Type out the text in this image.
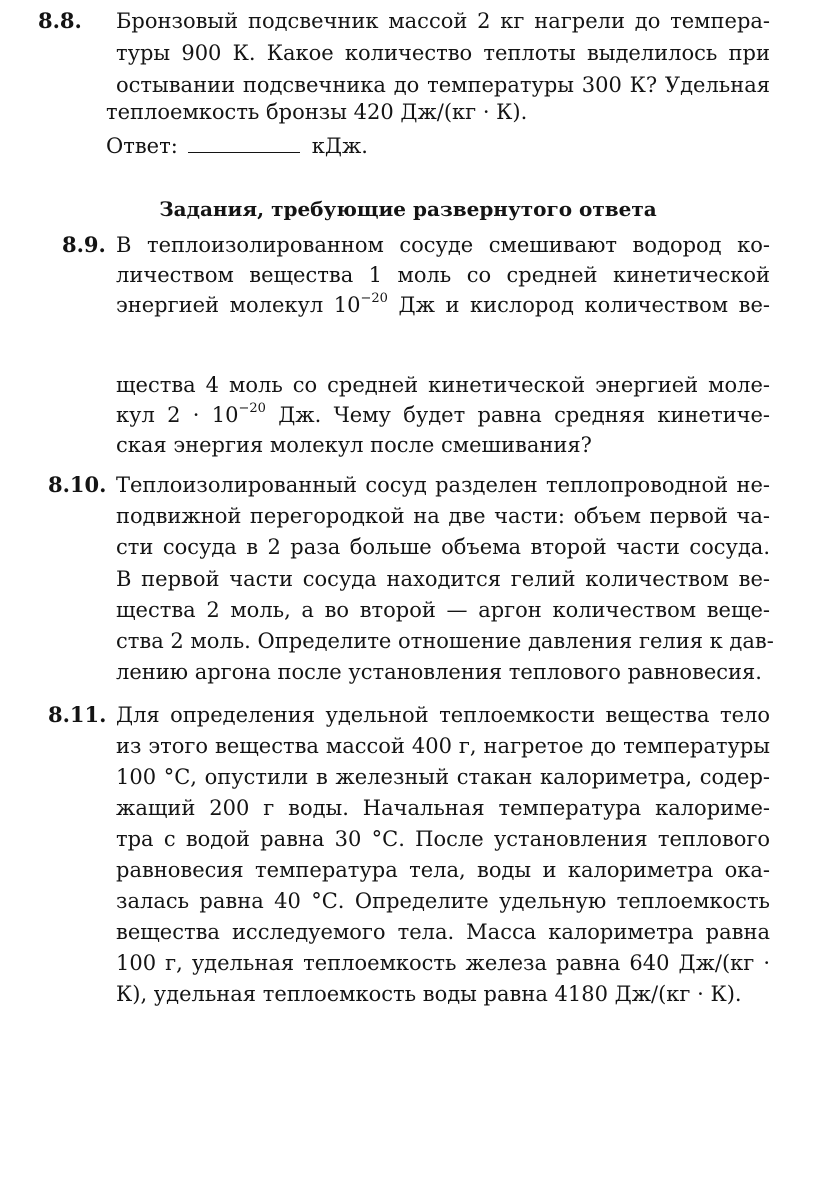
8.8. Бронзовый подсвечник массой 2 кг нагрели до темпера-
туры 900 К. Какое количество теплоты выделилось при
остывании подсвечника до температуры 300 К? Удельная
теплоемкость бронзы 420 Дж/(кг · К).
Ответ:	кДж.
Задания, требующие развернутого ответа
8.9. В теплоизолированном сосуде смешивают водород ко-
личеством вещества 1 моль со средней кинетической
энергией молекул $10^{-20}$ Дж и кислород количеством ве-
щества 4 моль со средней кинетической энергией моле-
кул $2 \cdot 10^{-20}$ Дж. Чему будет равна средняя кинетиче-
ская энергия молекул после смешивания?
8.10. Теплоизолированный сосуд разделен теплопроводной не-
подвижной перегородкой на две части: объем первой ча-
сти сосуда в 2 раза больше объема второй части сосуда.
В первой части сосуда находится гелий количеством ве-
щества 2 моль, а во второй — аргон количеством веще-
ства 2 моль. Определите отношение давления гелия к дав-
лению аргона после установления теплового равновесия.
8.11. Для определения удельной теплоемкости вещества тело
из этого вещества массой 400 г, нагретое до температуры
100 °С, опустили в железный стакан калориметра, содер-
жащий 200 г воды. Начальная температура калориме-
тра с водой равна 30 °С. После установления теплового
равновесия температура тела, воды и калориметра ока-
залась равна 40 °С. Определите удельную теплоемкость
вещества исследуемого тела. Масса калориметра равна
100 г, удельная теплоемкость железа равна 640 Дж/(кг ·
К), удельная теплоемкость воды равна 4180 Дж/(кг · К).
